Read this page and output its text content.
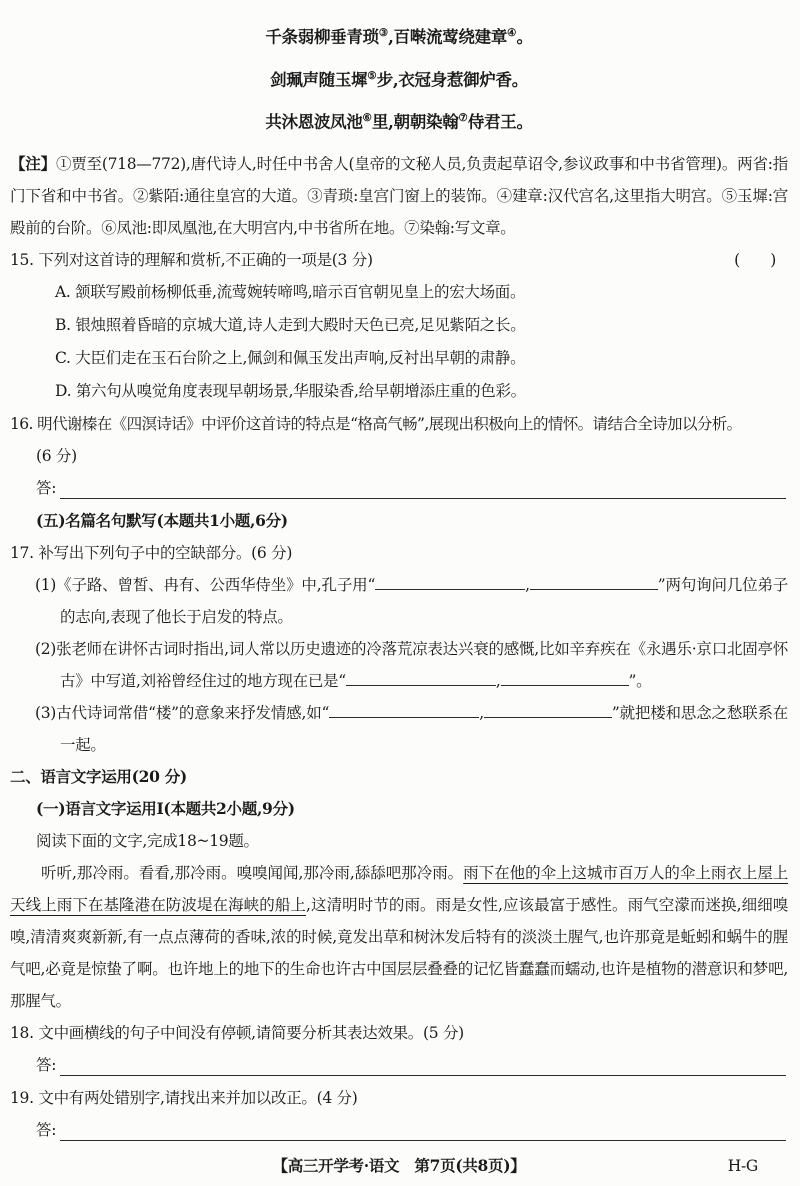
千条弱柳垂青琐③,百啭流莺绕建章④。
剑珮声随玉墀⑤步,衣冠身惹御炉香。
共沐恩波凤池⑥里,朝朝染翰⑦侍君王。

【注】①贾至(718—772),唐代诗人,时任中书舍人(皇帝的文秘人员,负责起草诏令,参议政事和中书省管理)。两省:指门下省和中书省。②紫陌:通往皇宫的大道。③青琐:皇宫门窗上的装饰。④建章:汉代宫名,这里指大明宫。⑤玉墀:宫殿前的台阶。⑥凤池:即凤凰池,在大明宫内,中书省所在地。⑦染翰:写文章。

15. 下列对这首诗的理解和赏析,不正确的一项是(3 分)	(　　)
A. 颔联写殿前杨柳低垂,流莺婉转啼鸣,暗示百官朝见皇上的宏大场面。
B. 银烛照着昏暗的京城大道,诗人走到大殿时天色已亮,足见紫陌之长。
C. 大臣们走在玉石台阶之上,佩剑和佩玉发出声响,反衬出早朝的肃静。
D. 第六句从嗅觉角度表现早朝场景,华服染香,给早朝增添庄重的色彩。
16. 明代谢榛在《四溟诗话》中评价这首诗的特点是“格高气畅”,展现出积极向上的情怀。请结合全诗加以分析。
(6 分)
答:
(五)名篇名句默写(本题共1小题,6分)
17. 补写出下列句子中的空缺部分。(6 分)
(1)《子路、曾皙、冉有、公西华侍坐》中,孔子用“	,	”两句询问几位弟子的志向,表现了他长于启发的特点。
(2)张老师在讲怀古词时指出,词人常以历史遗迹的冷落荒凉表达兴衰的感慨,比如辛弃疾在《永遇乐·京口北固亭怀古》中写道,刘裕曾经住过的地方现在已是“	,	”。
(3)古代诗词常借“楼”的意象来抒发情感,如“	,	”就把楼和思念之愁联系在一起。
二、语言文字运用(20 分)
(一)语言文字运用Ⅰ(本题共2小题,9分)
阅读下面的文字,完成18~19题。

听听,那冷雨。看看,那冷雨。嗅嗅闻闻,那冷雨,舔舔吧那冷雨。雨下在他的伞上这城市百万人的伞上雨衣上屋上天线上雨下在基隆港在防波堤在海峡的船上,这清明时节的雨。雨是女性,应该最富于感性。雨气空濛而迷换,细细嗅嗅,清清爽爽新新,有一点点薄荷的香味,浓的时候,竟发出草和树沐发后特有的淡淡土腥气,也许那竟是蚯蚓和蜗牛的腥气吧,必竟是惊蛰了啊。也许地上的地下的生命也许古中国层层叠叠的记忆皆蠢蠢而蠕动,也许是植物的潜意识和梦吧,那腥气。

18. 文中画横线的句子中间没有停顿,请简要分析其表达效果。(5 分)
答:
19. 文中有两处错别字,请找出来并加以改正。(4 分)
答:
【高三开学考·语文　第7页(共8页)】	H-G
